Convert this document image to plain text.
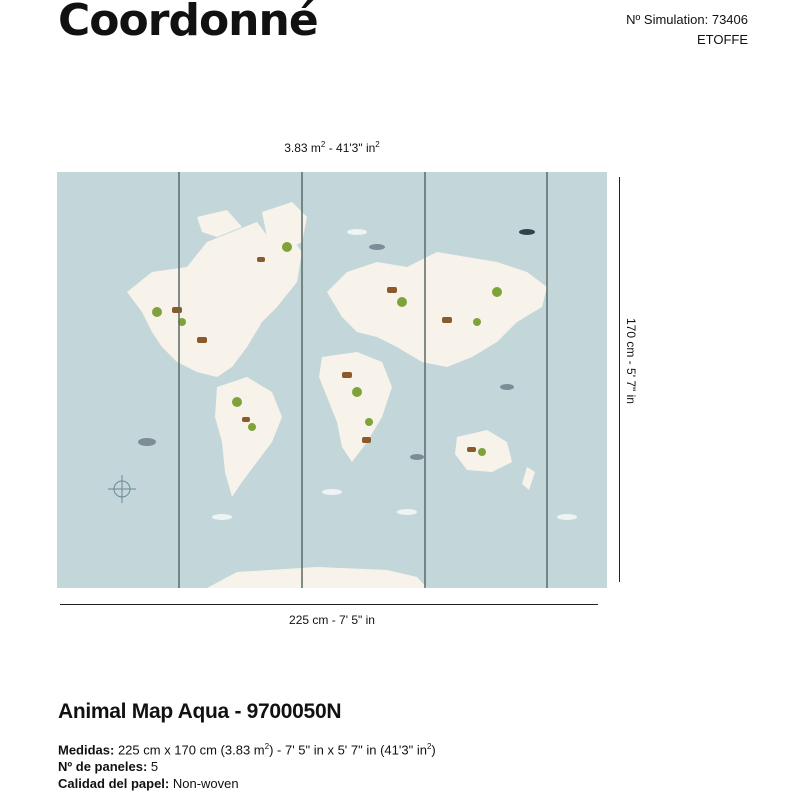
Coordonné	Nº Simulation: 73406
ETOFFE
3.83 $m^2 - 41'3$" $in^2$
170 cm - 5' 7" in
225 cm - 7' 5" in
Animal Map Aqua - 9700050N
Medidas: 225 cm x 170 cm (3.83 $m^2) - 7'$ 5" in x 5' 7" in (41'3" $in^2$)
Nº de paneles: 5
Calidad del papel: Non-woven
